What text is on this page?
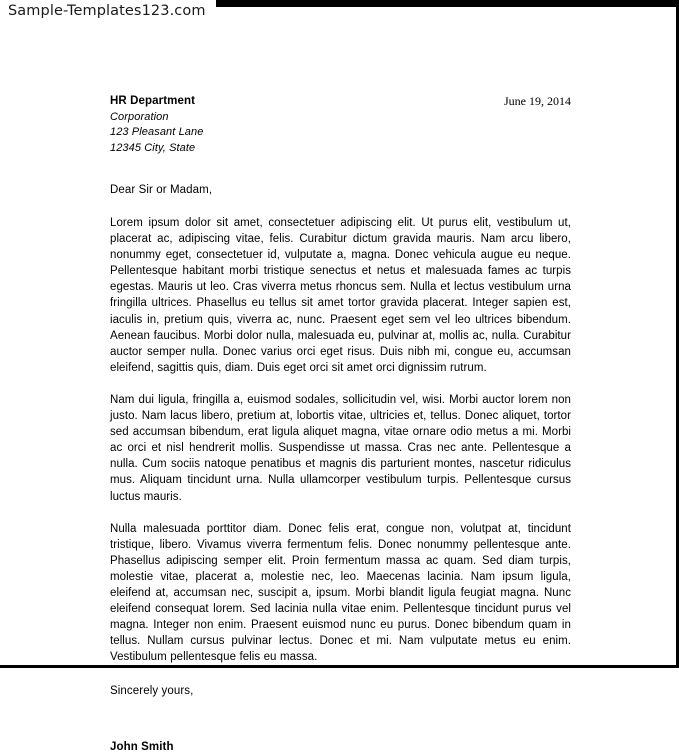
Sample-Templates123.com
HR Department
Corporation
123 Pleasant Lane
12345 City, State
June 19, 2014
Dear Sir or Madam,

Lorem ipsum dolor sit amet, consectetuer adipiscing elit. Ut purus elit, vestibulum ut, placerat ac, adipiscing vitae, felis. Curabitur dictum gravida mauris. Nam arcu libero, nonummy eget, consectetuer id, vulputate a, magna. Donec vehicula augue eu neque. Pellentesque habitant morbi tristique senectus et netus et malesuada fames ac turpis egestas. Mauris ut leo. Cras viverra metus rhoncus sem. Nulla et lectus vestibulum urna fringilla ultrices. Phasellus eu tellus sit amet tortor gravida placerat. Integer sapien est, iaculis in, pretium quis, viverra ac, nunc. Praesent eget sem vel leo ultrices bibendum. Aenean faucibus. Morbi dolor nulla, malesuada eu, pulvinar at, mollis ac, nulla. Curabitur auctor semper nulla. Donec varius orci eget risus. Duis nibh mi, congue eu, accumsan eleifend, sagittis quis, diam. Duis eget orci sit amet orci dignissim rutrum.

Nam dui ligula, fringilla a, euismod sodales, sollicitudin vel, wisi. Morbi auctor lorem non justo. Nam lacus libero, pretium at, lobortis vitae, ultricies et, tellus. Donec aliquet, tortor sed accumsan bibendum, erat ligula aliquet magna, vitae ornare odio metus a mi. Morbi ac orci et nisl hendrerit mollis. Suspendisse ut massa. Cras nec ante. Pellentesque a nulla. Cum sociis natoque penatibus et magnis dis parturient montes, nascetur ridiculus mus. Aliquam tincidunt urna. Nulla ullamcorper vestibulum turpis. Pellentesque cursus luctus mauris.

Nulla malesuada porttitor diam. Donec felis erat, congue non, volutpat at, tincidunt tristique, libero. Vivamus viverra fermentum felis. Donec nonummy pellentesque ante. Phasellus adipiscing semper elit. Proin fermentum massa ac quam. Sed diam turpis, molestie vitae, placerat a, molestie nec, leo. Maecenas lacinia. Nam ipsum ligula, eleifend at, accumsan nec, suscipit a, ipsum. Morbi blandit ligula feugiat magna. Nunc eleifend consequat lorem. Sed lacinia nulla vitae enim. Pellentesque tincidunt purus vel magna. Integer non enim. Praesent euismod nunc eu purus. Donec bibendum quam in tellus. Nullam cursus pulvinar lectus. Donec et mi. Nam vulputate metus eu enim. Vestibulum pellentesque felis eu massa.

Sincerely yours,
John Smith
